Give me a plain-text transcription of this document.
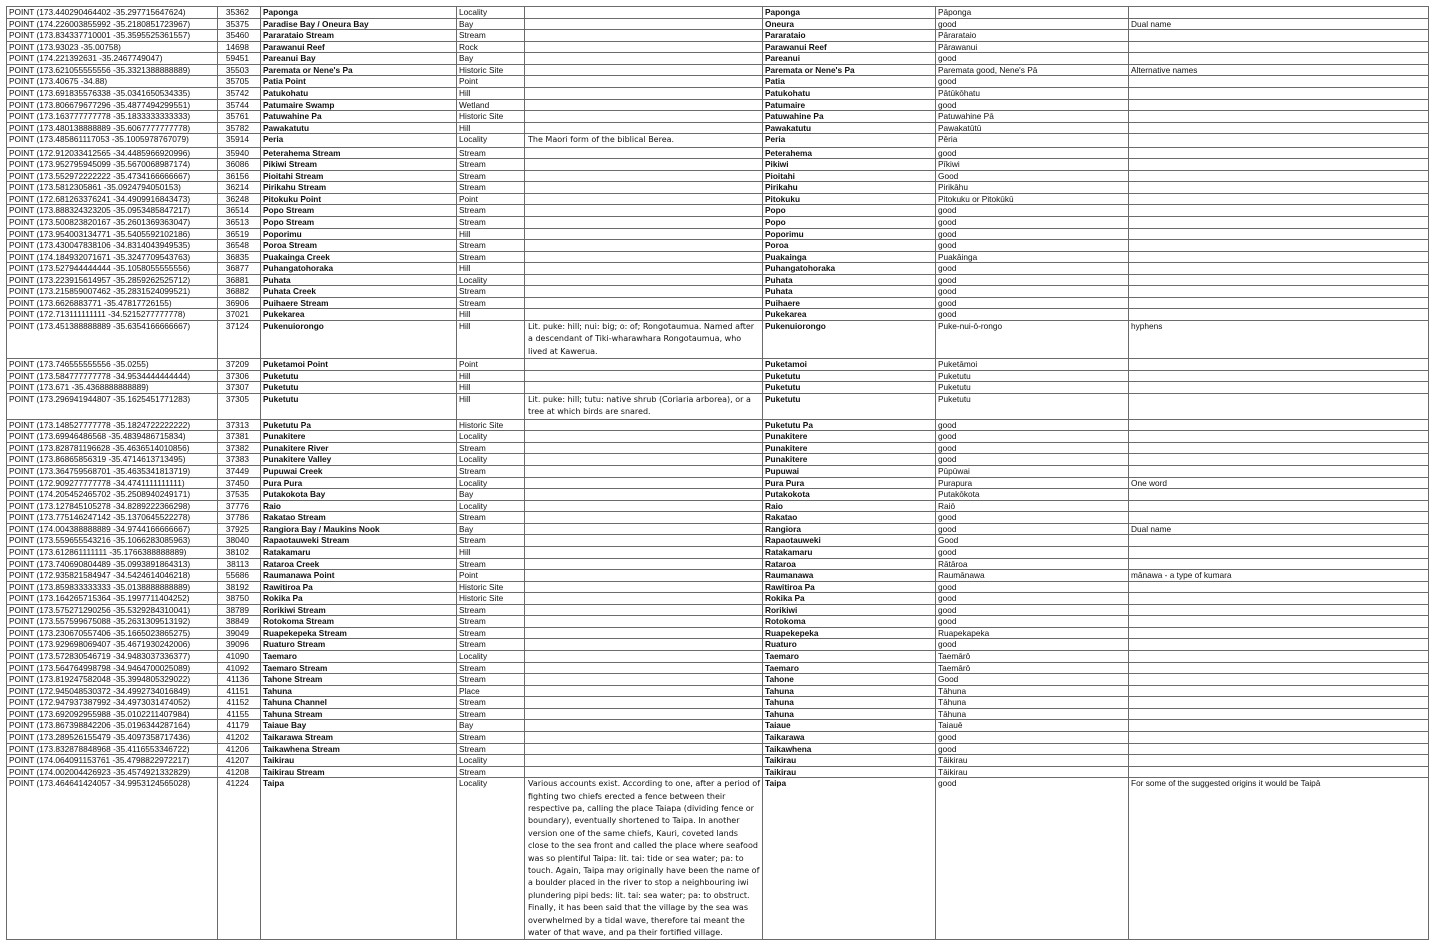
POINT (173.440290464402 -35.297715647624)	35362	Paponga	Locality		Paponga	Pāponga	
POINT (174.226003855992 -35.2180851723967)	35375	Paradise Bay / Oneura Bay	Bay		Oneura	good	Dual name
POINT (173.834337710001 -35.3595525361557)	35460	Pararataio Stream	Stream		Pararataio	Pārarataio	
POINT (173.93023 -35.00758)	14698	Parawanui Reef	Rock		Parawanui Reef	Pārawanui	
POINT (174.221392631 -35.2467749047)	59451	Pareanui Bay	Bay		Pareanui	good	
POINT (173.621055555556 -35.3321388888889)	35503	Paremata or Nene's Pa	Historic Site		Paremata or Nene's Pa	Paremata good, Nene's Pā	Alternative names
POINT (173.40675 -34.88)	35705	Patia Point	Point		Patia	good	
POINT (173.691835576338 -35.0341650534335)	35742	Patukohatu	Hill		Patukohatu	Pātūkōhatu	
POINT (173.806679677296 -35.4877494299551)	35744	Patumaire Swamp	Wetland		Patumaire	good	
POINT (173.163777777778 -35.1833333333333)	35761	Patuwahine Pa	Historic Site		Patuwahine Pa	Patuwahine Pā	
POINT (173.480138888889 -35.6067777777778)	35782	Pawakatutu	Hill		Pawakatutu	Pawakatūtū	
POINT (173.485861117053 -35.1005978767079)	35914	Peria	Locality	The Maori form of the biblical Berea.	Peria	Pēria	
POINT (172.912033412565 -34.4485966920996)	35940	Peterahema Stream	Stream		Peterahema	good	
POINT (173.952795945099 -35.5670068987174)	36086	Pikiwi Stream	Stream		Pikiwi	Pīkiwi	
POINT (173.552972222222 -35.4734166666667)	36156	Pioitahi Stream	Stream		Pioitahi	Good	
POINT (173.5812305861 -35.0924794050153)	36214	Pirikahu Stream	Stream		Pirikahu	Pirikāhu	
POINT (172.681263376241 -34.4909916843473)	36248	Pitokuku Point	Point		Pitokuku	Pitokuku or Pitokūkū	
POINT (173.888324323205 -35.0953485847217)	36514	Popo Stream	Stream		Popo	good	
POINT (173.500823820167 -35.2601369363047)	36513	Popo Stream	Stream		Popo	good	
POINT (173.954003134771 -35.5405592102186)	36519	Poporimu	Hill		Poporimu	good	
POINT (173.430047838106 -34.8314043949535)	36548	Poroa Stream	Stream		Poroa	good	
POINT (174.184932071671 -35.3247709543763)	36835	Puakainga Creek	Stream		Puakainga	Puakāinga	
POINT (173.527944444444 -35.1058055555556)	36877	Puhangatohoraka	Hill		Puhangatohoraka	good	
POINT (173.223915614957 -35.2859262525712)	36881	Puhata	Locality		Puhata	good	
POINT (173.215859007462 -35.2831524099521)	36882	Puhata Creek	Stream		Puhata	good	
POINT (173.6626883771 -35.47817726155)	36906	Puihaere Stream	Stream		Puihaere	good	
POINT (172.713111111111 -34.5215277777778)	37021	Pukekarea	Hill		Pukekarea	good	
POINT (173.451388888889 -35.6354166666667)	37124	Pukenuiorongo	Hill	Lit. puke: hill; nui: big; o: of; Rongotaumua. Named after a descendant of Tiki-wharawhara Rongotaumua, who lived at Kawerua.	Pukenuiorongo	Puke-nui-ō-rongo	hyphens
POINT (173.746555555556 -35.0255)	37209	Puketamoi Point	Point		Puketamoi	Puketāmoi	
POINT (173.584777777778 -34.9534444444444)	37306	Puketutu	Hill		Puketutu	Puketutu	
POINT (173.671 -35.4368888888889)	37307	Puketutu	Hill		Puketutu	Puketutu	
POINT (173.296941944807 -35.1625451771283)	37305	Puketutu	Hill	Lit. puke: hill; tutu: native shrub (Coriaria arborea), or a tree at which birds are snared.	Puketutu	Puketutu	
POINT (173.148527777778 -35.1824722222222)	37313	Puketutu Pa	Historic Site		Puketutu Pa	good	
POINT (173.69946486568 -35.4839486715834)	37381	Punakitere	Locality		Punakitere	good	
POINT (173.828781196628 -35.4636514010856)	37382	Punakitere River	Stream		Punakitere	good	
POINT (173.86865856319 -35.4714613713495)	37383	Punakitere Valley	Locality		Punakitere	good	
POINT (173.364759568701 -35.4635341813719)	37449	Pupuwai Creek	Stream		Pupuwai	Pūpūwai	
POINT (172.909277777778 -34.4741111111111)	37450	Pura Pura	Locality		Pura Pura	Purapura	One word
POINT (174.205452465702 -35.2508940249171)	37535	Putakokota Bay	Bay		Putakokota	Putakōkota	
POINT (173.127845105278 -34.8289222366298)	37776	Raio	Locality		Raio	Raiō	
POINT (173.775146247142 -35.1370645522278)	37786	Rakatao Stream	Stream		Rakatao	good	
POINT (174.004388888889 -34.9744166666667)	37925	Rangiora Bay / Maukins Nook	Bay		Rangiora	good	Dual name
POINT (173.559655543216 -35.1066283085963)	38040	Rapaotauweki Stream	Stream		Rapaotauweki	Good	
POINT (173.612861111111 -35.1766388888889)	38102	Ratakamaru	Hill		Ratakamaru	good	
POINT (173.740690804489 -35.0993891864313)	38113	Rataroa Creek	Stream		Rataroa	Rātāroa	
POINT (172.935821584947 -34.5424614046218)	55686	Raumanawa Point	Point		Raumanawa	Raumānawa	mānawa - a type of kumara
POINT (173.859833333333 -35.0138888888889)	38192	Rawitiroa Pa	Historic Site		Rawitiroa Pa	good	
POINT (173.164265715364 -35.1997711404252)	38750	Rokika Pa	Historic Site		Rokika Pa	good	
POINT (173.575271290256 -35.5329284310041)	38789	Rorikiwi Stream	Stream		Rorikiwi	good	
POINT (173.557599675088 -35.2631309513192)	38849	Rotokoma Stream	Stream		Rotokoma	good	
POINT (173.230670557406 -35.1665023865275)	39049	Ruapekepeka Stream	Stream		Ruapekepeka	Ruapekapeka	
POINT (173.929698069407 -35.4671930242006)	39096	Ruaturo Stream	Stream		Ruaturo	good	
POINT (173.572830546719 -34.9483037336377)	41090	Taemaro	Locality		Taemaro	Taemārō	
POINT (173.564764998798 -34.9464700025089)	41092	Taemaro Stream	Stream		Taemaro	Taemārō	
POINT (173.819247582048 -35.3994805329022)	41136	Tahone Stream	Stream		Tahone	Good	
POINT (172.945048530372 -34.4992734016849)	41151	Tahuna	Place		Tahuna	Tāhuna	
POINT (172.947937387992 -34.4973031474052)	41152	Tahuna Channel	Stream		Tahuna	Tāhuna	
POINT (173.692092955988 -35.0102211407984)	41155	Tahuna Stream	Stream		Tahuna	Tāhuna	
POINT (173.867398842206 -35.0196344287164)	41179	Taiaue Bay	Bay		Taiaue	Taiauē	
POINT (173.289526155479 -35.4097358717436)	41202	Taikarawa Stream	Stream		Taikarawa	good	
POINT (173.832878848968 -35.4116553346722)	41206	Taikawhena Stream	Stream		Taikawhena	good	
POINT (174.064091153761 -35.4798822972217)	41207	Taikirau	Locality		Taikirau	Tāikirau	
POINT (174.002004426923 -35.4574921332829)	41208	Taikirau Stream	Stream		Taikirau	Tāikirau	
POINT (173.464641424057 -34.9953124565028)	41224	Taipa	Locality	Various accounts exist. According to one, after a period of fighting two chiefs erected a fence between their respective pa, calling the place Taiapa (dividing fence or boundary), eventually shortened to Taipa. In another version one of the same chiefs, Kauri, coveted lands close to the sea front and called the place where seafood was so plentiful Taipa: lit. tai: tide or sea water; pa: to touch. Again, Taipa may originally have been the name of a boulder placed in the river to stop a neighbouring iwi plundering pipi beds: lit. tai: sea water; pa: to obstruct. Finally, it has been said that the village by the sea was overwhelmed by a tidal wave, therefore tai meant the water of that wave, and pa their fortified village.	Taipa	good	For some of the suggested origins it would be Taipā
